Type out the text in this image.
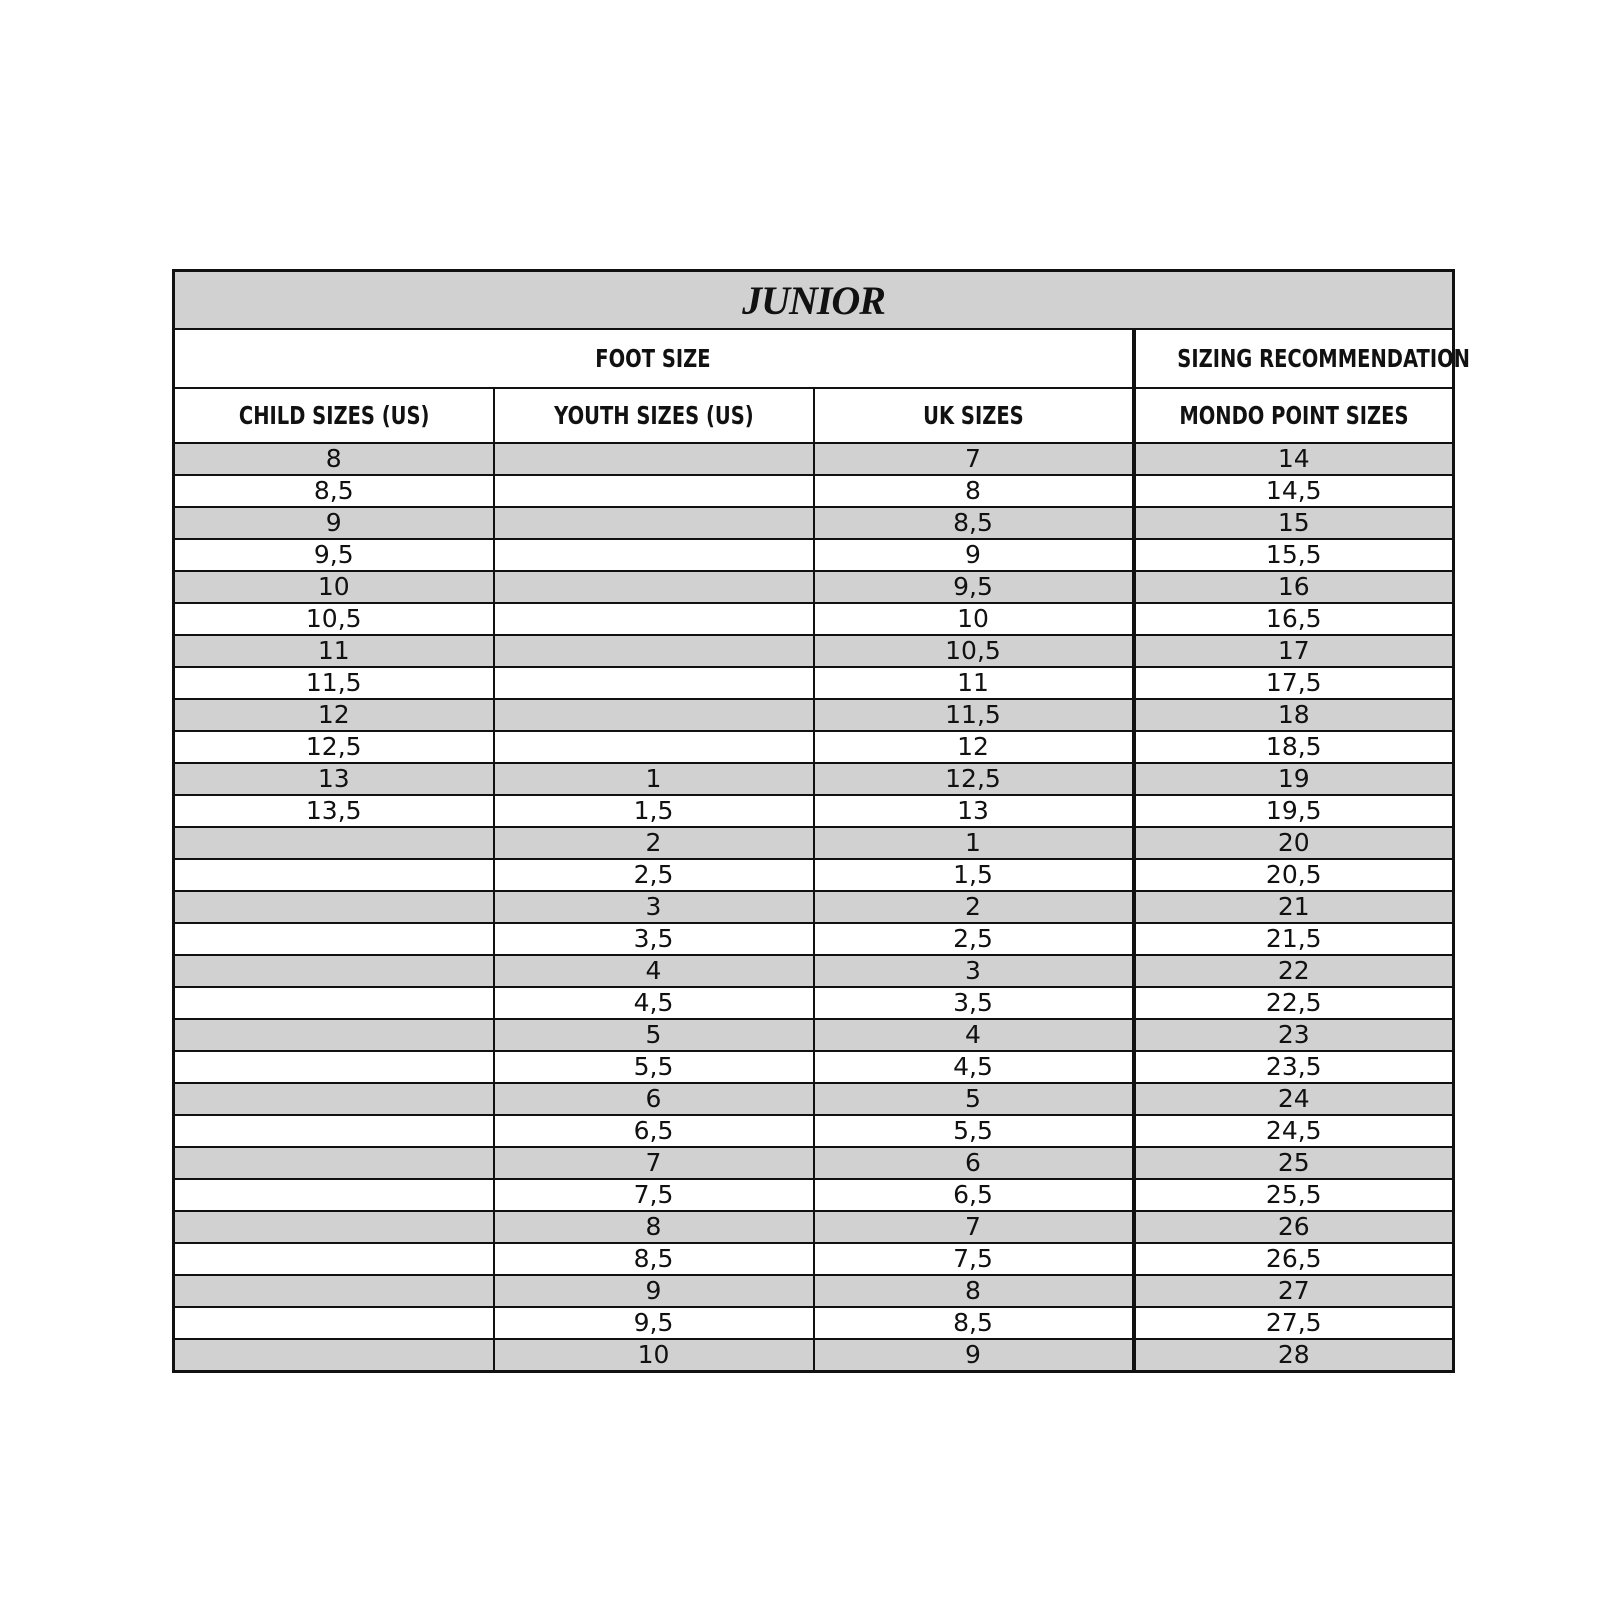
JUNIOR			
FOOT SIZE			SIZING RECOMMENDATION
CHILD SIZES (US)	YOUTH SIZES (US)	UK SIZES	MONDO POINT SIZES
8		7	14
8,5		8	14,5
9		8,5	15
9,5		9	15,5
10		9,5	16
10,5		10	16,5
11		10,5	17
11,5		11	17,5
12		11,5	18
12,5		12	18,5
13	1	12,5	19
13,5	1,5	13	19,5
	2	1	20
	2,5	1,5	20,5
	3	2	21
	3,5	2,5	21,5
	4	3	22
	4,5	3,5	22,5
	5	4	23
	5,5	4,5	23,5
	6	5	24
	6,5	5,5	24,5
	7	6	25
	7,5	6,5	25,5
	8	7	26
	8,5	7,5	26,5
	9	8	27
	9,5	8,5	27,5
	10	9	28
